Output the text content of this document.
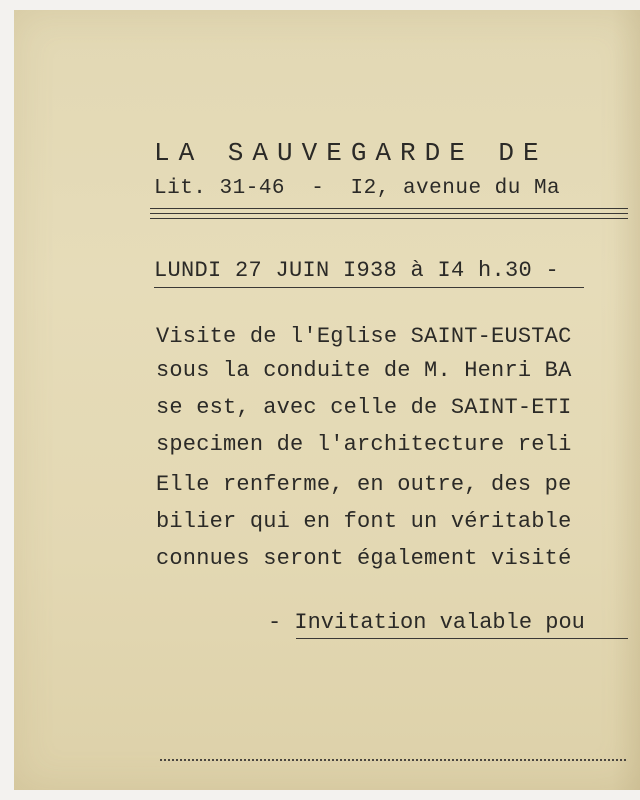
LA SAUVEGARDE DE

Lit. 31-46  -  I2, avenue du Ma

LUNDI 27 JUIN I938 à I4 h.30 -

Visite de l'Eglise SAINT-EUSTAC

sous la conduite de M. Henri BA

se est, avec celle de SAINT-ETI

specimen de l'architecture reli

Elle renferme, en outre, des pe

bilier qui en font un véritable

connues seront également visité

- Invitation valable pou
